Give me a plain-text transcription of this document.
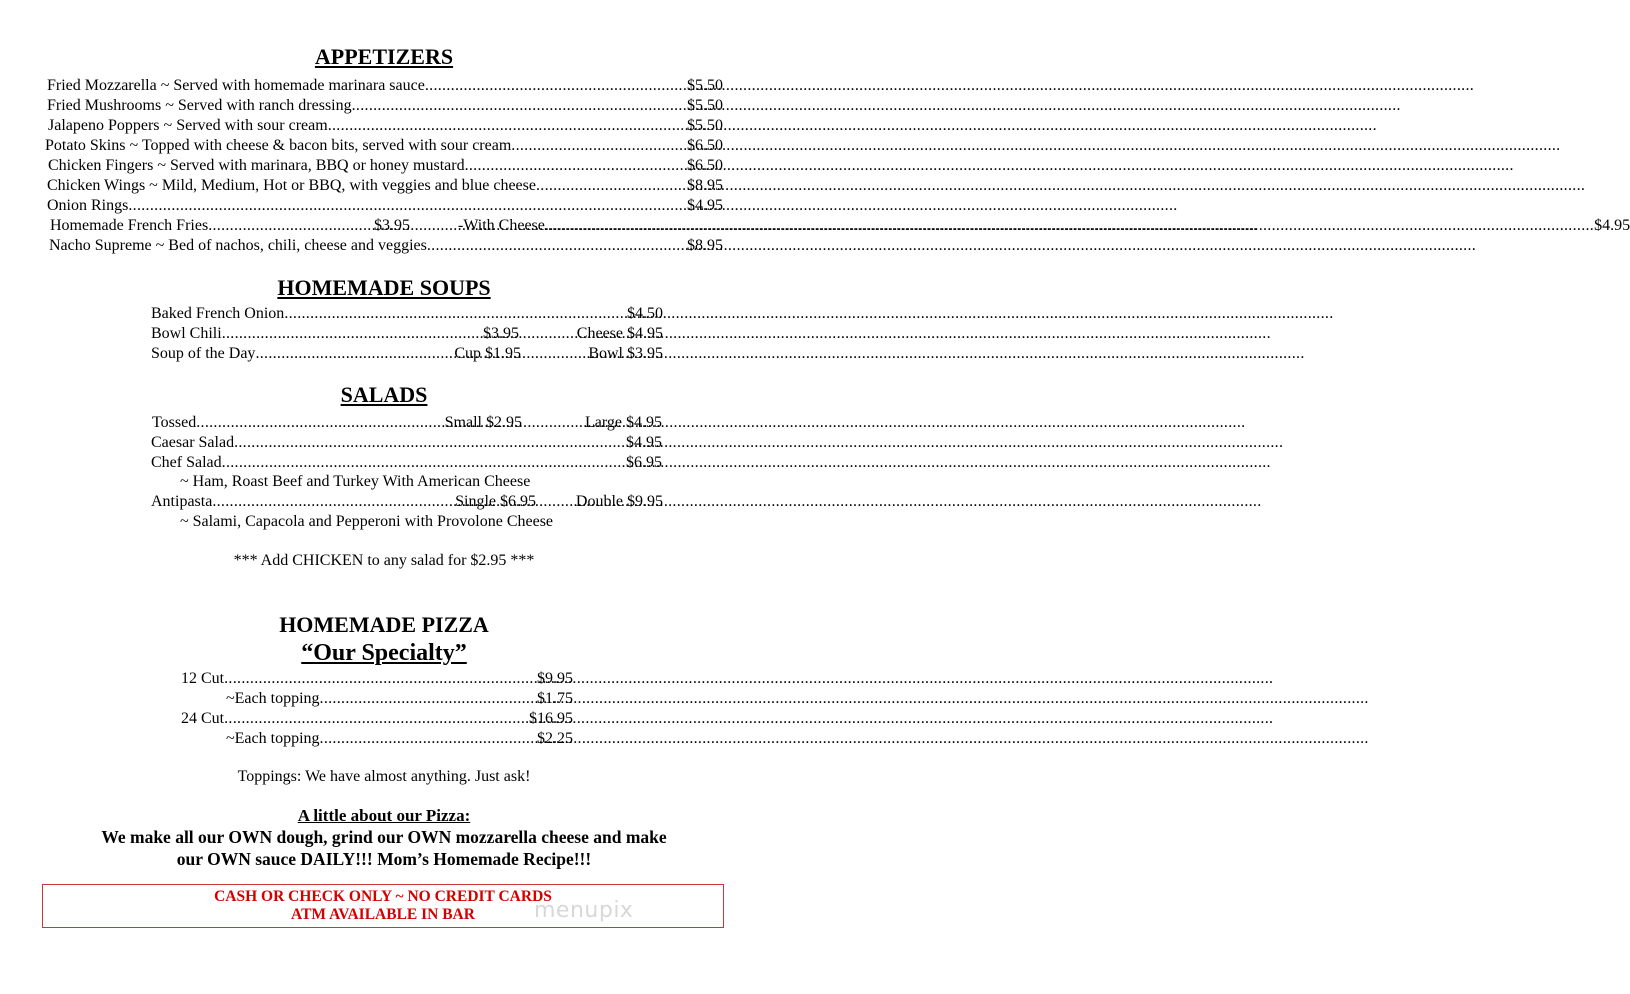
APPETIZERS
Fried Mozzarella ~ Served with homemade marinara sauce .....	$5.50
Fried Mushrooms ~ Served with ranch dressing .....	$5.50
Jalapeno Poppers ~ Served with sour cream .....	$5.50
Potato Skins ~ Topped with cheese & bacon bits, served with sour cream .....	$6.50
Chicken Fingers ~ Served with marinara, BBQ or honey mustard .....	$6.50
Chicken Wings ~ Mild, Medium, Hot or BBQ, with veggies and blue cheese .....	$8.95
Onion Rings .....	$4.95
Homemade French Fries .....	$3.95	-With Cheese .....	$4.95
Nacho Supreme ~ Bed of nachos, chili, cheese and veggies .....	$8.95
HOMEMADE SOUPS
Baked French Onion .....	$4.50
Bowl Chili .....	$3.95	Cheese $4.95
Soup of the Day .....	Cup $1.95	Bowl $3.95
SALADS
Tossed .....	Small $2.95	Large $4.95
Caesar Salad .....	$4.95
Chef Salad .....	$6.95
~ Ham, Roast Beef and Turkey With American Cheese
Antipasta .....	Single $6.95 Double $9.95
~ Salami, Capacola and Pepperoni with Provolone Cheese
*** Add CHICKEN to any salad for $2.95 ***
HOMEMADE PIZZA
“Our Specialty”
12 Cut .....	$9.95
~Each topping .....	$1.75
24 Cut .....	$16.95
~Each topping .....	$2.25
Toppings: We have almost anything. Just ask!
A little about our Pizza:
We make all our OWN dough, grind our OWN mozzarella cheese and make
our OWN sauce DAILY!!! Mom’s Homemade Recipe!!!
CASH OR CHECK ONLY ~ NO CREDIT CARDS
ATM AVAILABLE IN BAR	menupix
